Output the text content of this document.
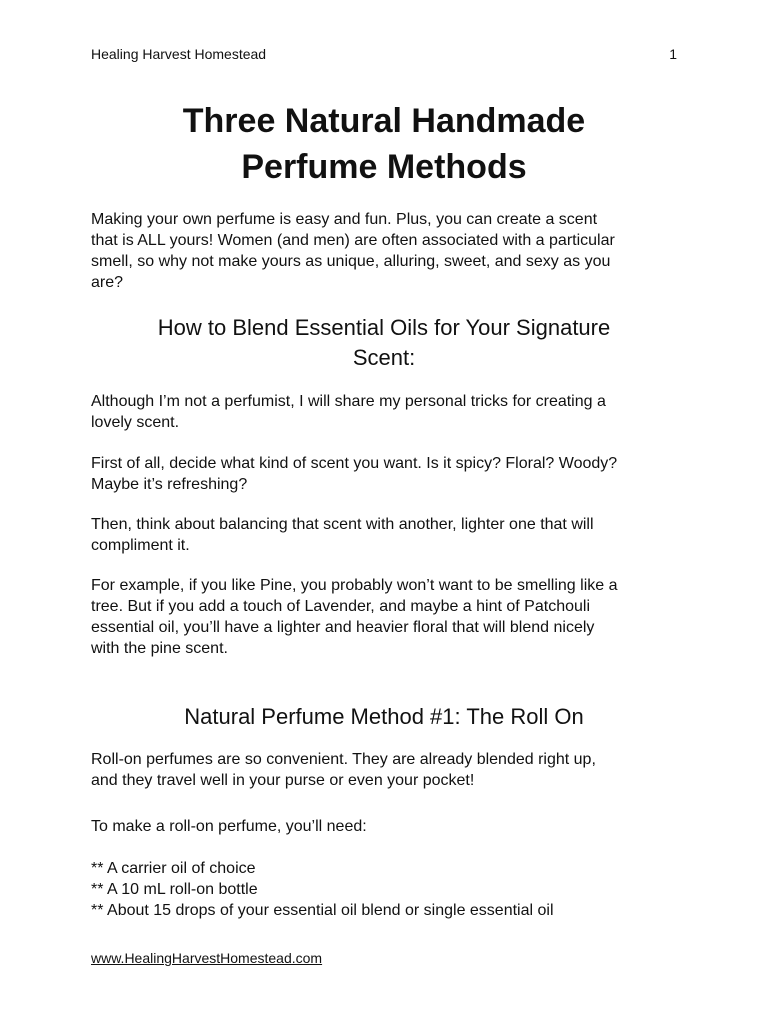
Healing Harvest Homestead	1
Three Natural Handmade
Perfume Methods

Making your own perfume is easy and fun. Plus, you can create a scent
that is ALL yours! Women (and men) are often associated with a particular
smell, so why not make yours as unique, alluring, sweet, and sexy as you
are?

How to Blend Essential Oils for Your Signature
Scent:

Although I’m not a perfumist, I will share my personal tricks for creating a
lovely scent.

First of all, decide what kind of scent you want. Is it spicy? Floral? Woody?
Maybe it’s refreshing?

Then, think about balancing that scent with another, lighter one that will
compliment it.

For example, if you like Pine, you probably won’t want to be smelling like a
tree. But if you add a touch of Lavender, and maybe a hint of Patchouli
essential oil, you’ll have a lighter and heavier floral that will blend nicely
with the pine scent.

Natural Perfume Method #1: The Roll On

Roll-on perfumes are so convenient. They are already blended right up,
and they travel well in your purse or even your pocket!

To make a roll-on perfume, you’ll need:

** A carrier oil of choice
** A 10 mL roll-on bottle
** About 15 drops of your essential oil blend or single essential oil
www.HealingHarvestHomestead.com
